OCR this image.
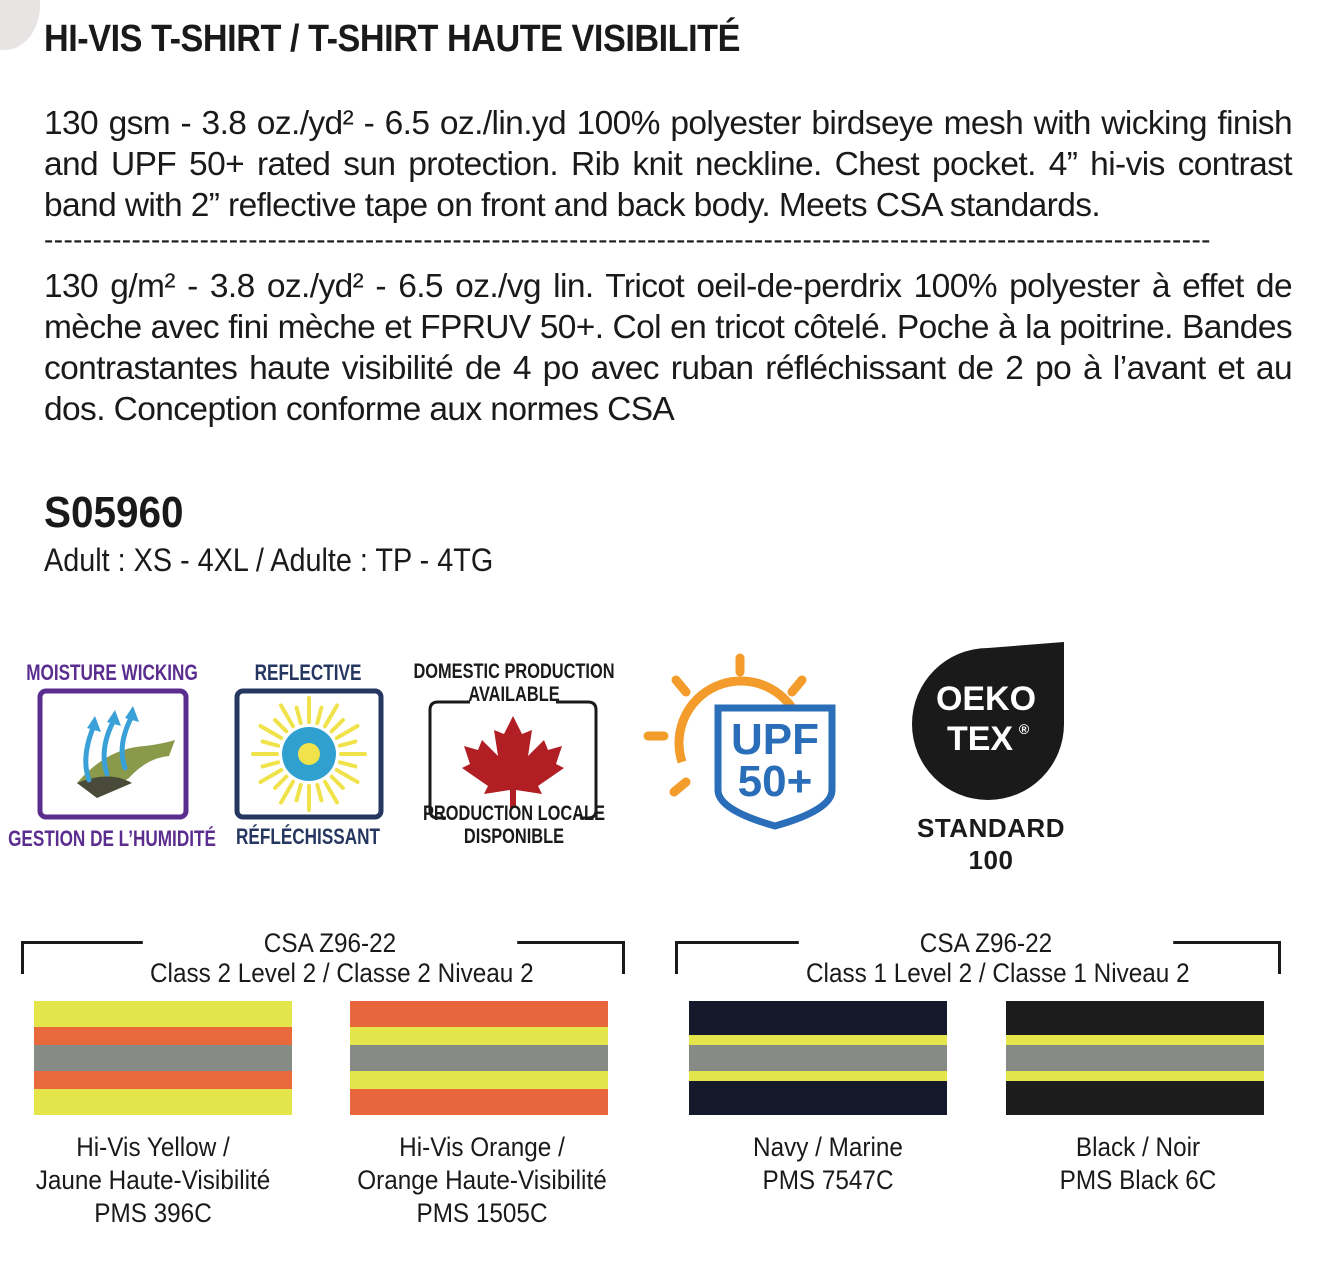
HI-VIS T-SHIRT / T-SHIRT HAUTE VISIBILITÉ
130 gsm - 3.8 oz./yd² - 6.5 oz./lin.yd 100% polyester birdseye mesh with wicking finish and UPF 50+ rated sun protection. Rib knit neckline. Chest pocket. 4” hi-vis contrast band with 2” reflective tape on front and back body. Meets CSA standards.
------------------------------------------------------------------------------------------------------------------------
130 g/m² - 3.8 oz./yd² - 6.5 oz./vg lin. Tricot oeil-de-perdrix 100% polyester à effet de mèche avec fini mèche et FPRUV 50+. Col en tricot côtelé. Poche à la poitrine. Bandes contrastantes haute visibilité de 4 po avec ruban réfléchissant de 2 po à l’avant et au dos. Conception conforme aux normes CSA
S05960
Adult : XS - 4XL / Adulte : TP - 4TG
MOISTURE WICKING
GESTION DE L’HUMIDITÉ
REFLECTIVE
RÉFLÉCHISSANT
DOMESTIC PRODUCTION
AVAILABLE
PRODUCTION LOCALE
DISPONIBLE
UPF
50+
OEKO
TEX ®
STANDARD
100
CSA Z96-22
Class 2 Level 2 / Classe 2 Niveau 2
CSA Z96-22
Class 1 Level 2 / Classe 1 Niveau 2
Hi-Vis Yellow /
Jaune Haute-Visibilité
PMS 396C
Hi-Vis Orange /
Orange Haute-Visibilité
PMS 1505C
Navy / Marine
PMS 7547C
Black / Noir
PMS Black 6C
